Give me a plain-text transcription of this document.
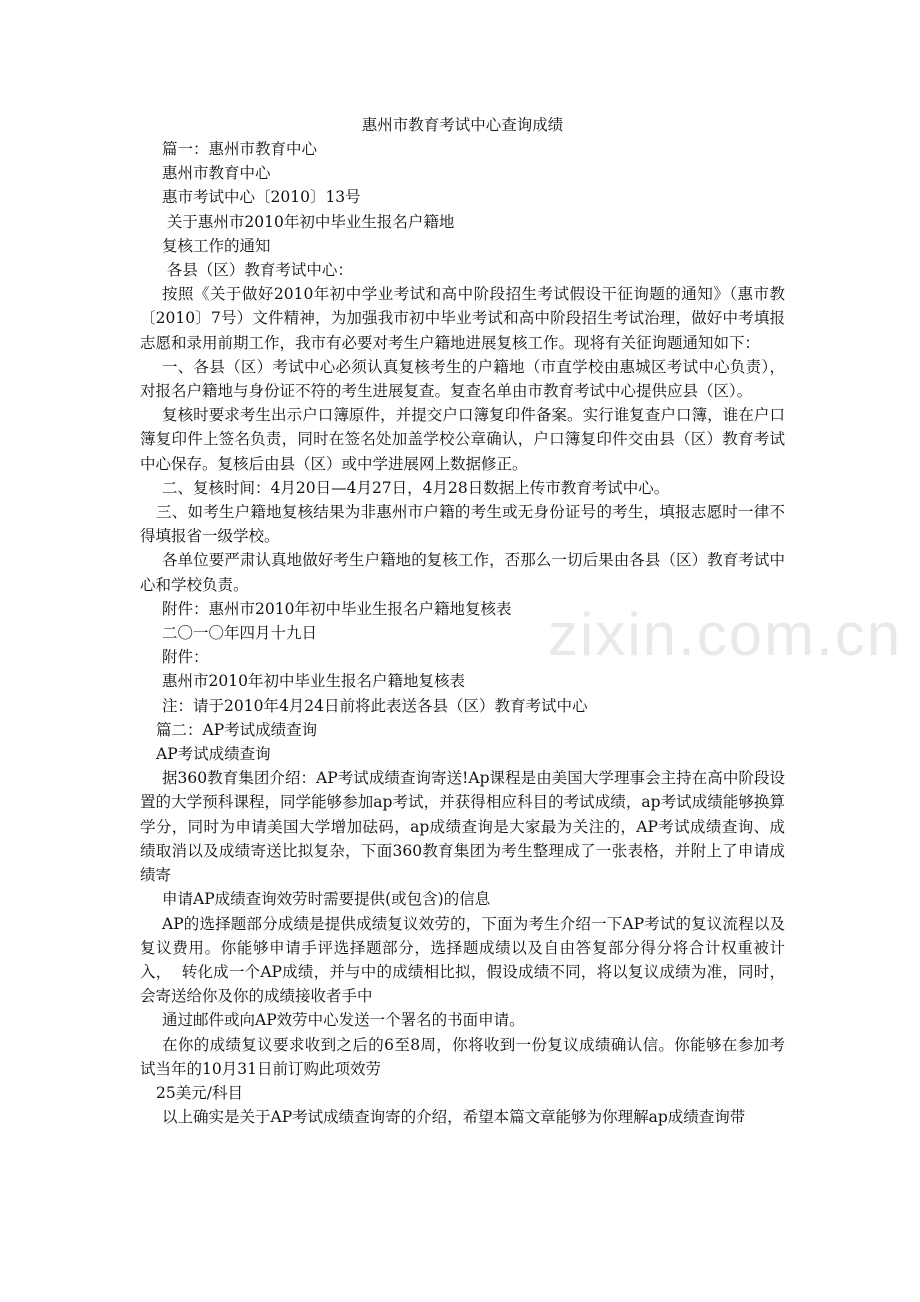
zixin.com.cn
惠州市教育考试中心查询成绩

篇一：惠州市教育中心

惠州市教育中心

惠市考试中心〔2010〕13号

关于惠州市2010年初中毕业生报名户籍地

复核工作的通知

各县（区）教育考试中心：

按照《关于做好2010年初中学业考试和高中阶段招生考试假设干征询题的通知》（惠市教〔2010〕7号）文件精神，为加强我市初中毕业考试和高中阶段招生考试治理，做好中考填报志愿和录用前期工作，我市有必要对考生户籍地进展复核工作。现将有关征询题通知如下：

一、各县（区）考试中心必须认真复核考生的户籍地（市直学校由惠城区考试中心负责），对报名户籍地与身份证不符的考生进展复查。复查名单由市教育考试中心提供应县（区）。

复核时要求考生出示户口簿原件，并提交户口簿复印件备案。实行谁复查户口簿，谁在户口簿复印件上签名负责，同时在签名处加盖学校公章确认，户口簿复印件交由县（区）教育考试中心保存。复核后由县（区）或中学进展网上数据修正。

二、复核时间：4月20日—4月27日，4月28日数据上传市教育考试中心。

三、如考生户籍地复核结果为非惠州市户籍的考生或无身份证号的考生，填报志愿时一律不得填报省一级学校。

各单位要严肃认真地做好考生户籍地的复核工作，否那么一切后果由各县（区）教育考试中心和学校负责。

附件：惠州市2010年初中毕业生报名户籍地复核表

二〇一〇年四月十九日

附件：

惠州市2010年初中毕业生报名户籍地复核表

注：请于2010年4月24日前将此表送各县（区）教育考试中心

篇二：AP考试成绩查询

AP考试成绩查询

据360教育集团介绍：AP考试成绩查询寄送!Ap课程是由美国大学理事会主持在高中阶段设置的大学预科课程，同学能够参加ap考试，并获得相应科目的考试成绩，ap考试成绩能够换算学分，同时为申请美国大学增加砝码，ap成绩查询是大家最为关注的，AP考试成绩查询、成绩取消以及成绩寄送比拟复杂，下面360教育集团为考生整理成了一张表格，并附上了申请成绩寄

申请AP成绩查询效劳时需要提供(或包含)的信息

AP的选择题部分成绩是提供成绩复议效劳的，下面为考生介绍一下AP考试的复议流程以及复议费用。你能够申请手评选择题部分，选择题成绩以及自由答复部分得分将合计权重被计入，  转化成一个AP成绩，并与中的成绩相比拟，假设成绩不同，将以复议成绩为准，同时，会寄送给你及你的成绩接收者手中

通过邮件或向AP效劳中心发送一个署名的书面申请。

在你的成绩复议要求收到之后的6至8周，你将收到一份复议成绩确认信。你能够在参加考试当年的10月31日前订购此项效劳

25美元/科目

以上确实是关于AP考试成绩查询寄的介绍，希望本篇文章能够为你理解ap成绩查询带
